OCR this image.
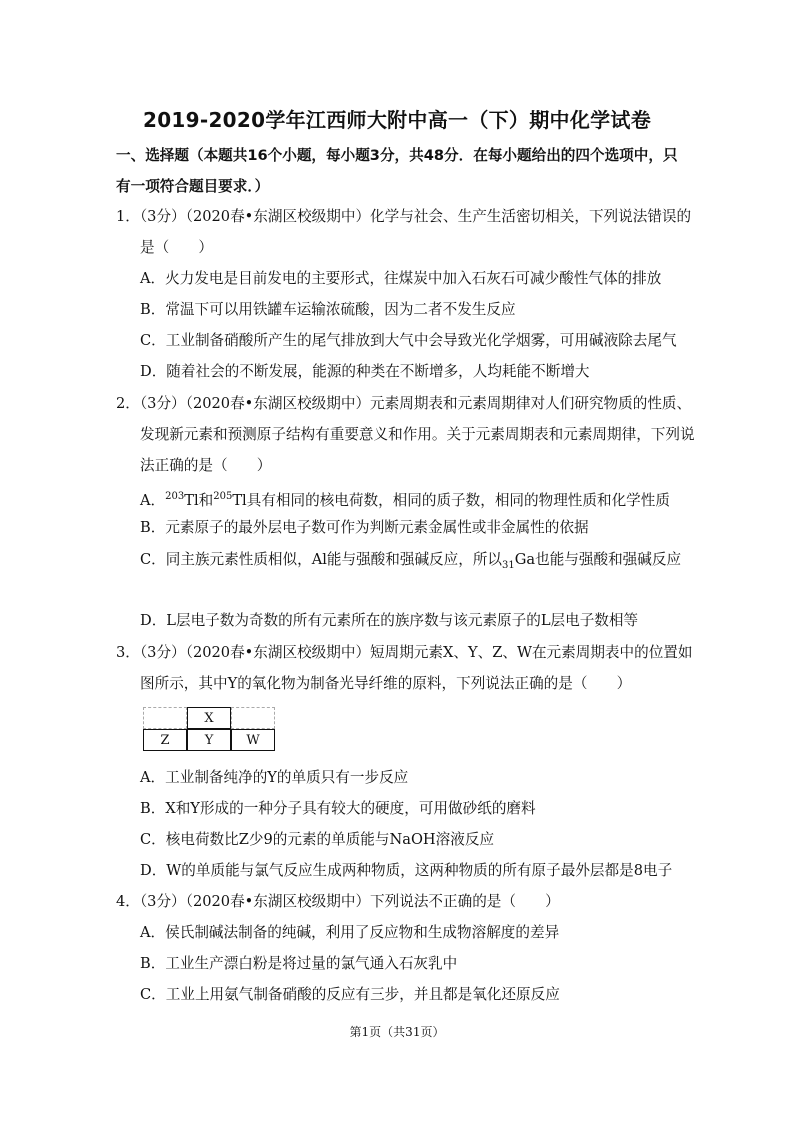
2019-2020学年江西师大附中高一（下）期中化学试卷
一、选择题（本题共16个小题，每小题3分，共48分．在每小题给出的四个选项中，只
有一项符合题目要求．）
1．（3分）（2020春•东湖区校级期中）化学与社会、生产生活密切相关，下列说法错误的
是（　　）
A．火力发电是目前发电的主要形式，往煤炭中加入石灰石可减少酸性气体的排放
B．常温下可以用铁罐车运输浓硫酸，因为二者不发生反应
C．工业制备硝酸所产生的尾气排放到大气中会导致光化学烟雾，可用碱液除去尾气
D．随着社会的不断发展，能源的种类在不断增多，人均耗能不断增大
2．（3分）（2020春•东湖区校级期中）元素周期表和元素周期律对人们研究物质的性质、
发现新元素和预测原子结构有重要意义和作用。关于元素周期表和元素周期律，下列说
法正确的是（　　）
A．$^{203}$Tl和$^{205}$Tl具有相同的核电荷数，相同的质子数，相同的物理性质和化学性质
B．元素原子的最外层电子数可作为判断元素金属性或非金属性的依据
C．同主族元素性质相似，Al能与强酸和强碱反应，所以$_{31}$Ga也能与强酸和强碱反应
D．L层电子数为奇数的所有元素所在的族序数与该元素原子的L层电子数相等
3．（3分）（2020春•东湖区校级期中）短周期元素X、Y、Z、W在元素周期表中的位置如
图所示，其中Y的氧化物为制备光导纤维的原料，下列说法正确的是（　　）
X
Z	Y	W
A．工业制备纯净的Y的单质只有一步反应
B．X和Y形成的一种分子具有较大的硬度，可用做砂纸的磨料
C．核电荷数比Z少9的元素的单质能与NaOH溶液反应
D．W的单质能与氯气反应生成两种物质，这两种物质的所有原子最外层都是8电子
4．（3分）（2020春•东湖区校级期中）下列说法不正确的是（　　）
A．侯氏制碱法制备的纯碱，利用了反应物和生成物溶解度的差异
B．工业生产漂白粉是将过量的氯气通入石灰乳中
C．工业上用氨气制备硝酸的反应有三步，并且都是氧化还原反应
第1页（共31页）
